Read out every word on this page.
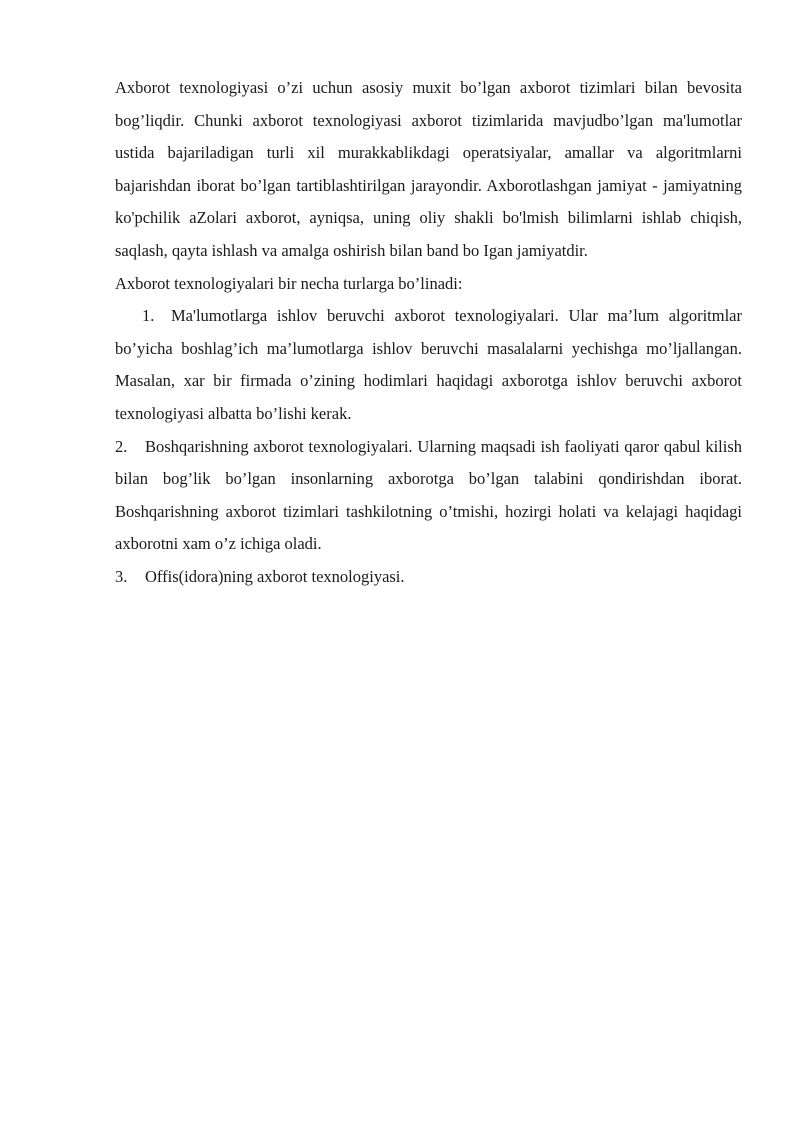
Axborot texnologiyasi o’zi uchun asosiy muxit bo’lgan axborot tizimlari bilan bevosita bog’liqdir. Chunki axborot texnologiyasi axborot tizimlarida mavjudbo’lgan ma'lumotlar ustida bajariladigan turli xil murakkablikdagi operatsiyalar, amallar va algoritmlarni bajarishdan iborat bo’lgan tartiblashtirilgan jarayondir. Axborotlashgan jamiyat - jamiyatning ko'pchilik aZolari axborot, ayniqsa, uning oliy shakli bo'lmish bilimlarni ishlab chiqish, saqlash, qayta ishlash va amalga oshirish bilan band bo Igan jamiyatdir.

Axborot texnologiyalari bir necha turlarga bo’linadi:

1. Ma'lumotlarga ishlov beruvchi axborot texnologiyalari. Ular ma’lum algoritmlar bo’yicha boshlag’ich ma’lumotlarga ishlov beruvchi masalalarni yechishga mo’ljallangan. Masalan, xar bir firmada o’zining hodimlari haqidagi axborotga ishlov beruvchi axborot texnologiyasi albatta bo’lishi kerak.

2. Boshqarishning axborot texnologiyalari. Ularning maqsadi ish faoliyati qaror qabul kilish bilan bog’lik bo’lgan insonlarning axborotga bo’lgan talabini qondirishdan iborat. Boshqarishning axborot tizimlari tashkilotning o’tmishi, hozirgi holati va kelajagi haqidagi axborotni xam o’z ichiga oladi.

3. Offis(idora)ning axborot texnologiyasi.
